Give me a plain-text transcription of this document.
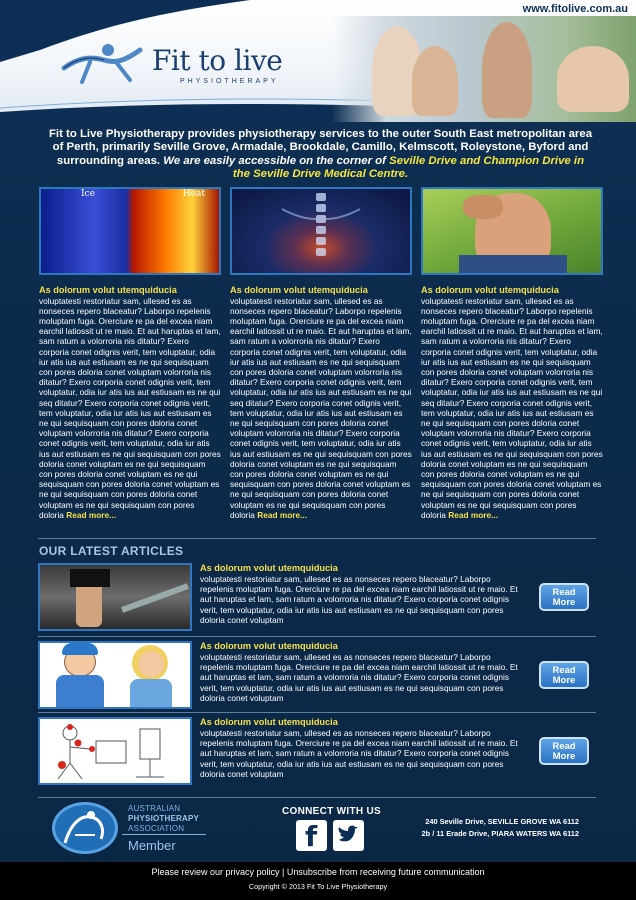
www.fitolive.com.au
Fit to live
PHYSIOTHERAPY
Fit to Live Physiotherapy provides physiotherapy services to the outer South East metropolitan area of Perth, primarily Seville Grove, Armadale, Brookdale, Camillo, Kelmscott, Roleystone, Byford and surrounding areas. We are easily accessible on the corner of Seville Drive and Champion Drive in the Seville Drive Medical Centre.
Ice	Heat
As dolorum volut utemquiducia
voluptatesti restoriatur sam, ullesed es as nonseces repero blaceatur? Laborpo repelenis moluptam fuga. Orerciure re pa del excea niam earchil latiossit ut re maio. Et aut haruptas et lam, sam ratum a volorroria nis ditatur? Exero corporia conet odignis verit, tem voluptatur, odia iur atis ius aut estiusam es ne qui sequisquam con pores doloria conet voluptam volorroria nis ditatur? Exero corporia conet odignis verit, tem voluptatur, odia iur atis ius aut estiusam es ne qui seq ditatur? Exero corporia conet odignis verit, tem voluptatur, odia iur atis ius aut estiusam es ne qui sequisquam con pores doloria conet voluptam volorroria nis ditatur? Exero corporia conet odignis verit, tem voluptatur, odia iur atis ius aut estiusam es ne qui sequisquam con pores doloria conet voluptam es ne qui sequisquam con pores doloria conet voluptam es ne qui sequisquam con pores doloria conet voluptam es ne qui sequisquam con pores doloria conet voluptam es ne qui sequisquam con pores doloria Read more...
As dolorum volut utemquiducia
voluptatesti restoriatur sam, ullesed es as nonseces repero blaceatur? Laborpo repelenis moluptam fuga. Orerciure re pa del excea niam earchil latiossit ut re maio. Et aut haruptas et lam, sam ratum a volorroria nis ditatur? Exero corporia conet odignis verit, tem voluptatur, odia iur atis ius aut estiusam es ne qui sequisquam con pores doloria conet voluptam volorroria nis ditatur? Exero corporia conet odignis verit, tem voluptatur, odia iur atis ius aut estiusam es ne qui seq ditatur? Exero corporia conet odignis verit, tem voluptatur, odia iur atis ius aut estiusam es ne qui sequisquam con pores doloria conet voluptam volorroria nis ditatur? Exero corporia conet odignis verit, tem voluptatur, odia iur atis ius aut estiusam es ne qui sequisquam con pores doloria conet voluptam es ne qui sequisquam con pores doloria conet voluptam es ne qui sequisquam con pores doloria conet voluptam es ne qui sequisquam con pores doloria conet voluptam es ne qui sequisquam con pores doloria Read more...
As dolorum volut utemquiducia
voluptatesti restoriatur sam, ullesed es as nonseces repero blaceatur? Laborpo repelenis moluptam fuga. Orerciure re pa del excea niam earchil latiossit ut re maio. Et aut haruptas et lam, sam ratum a volorroria nis ditatur? Exero corporia conet odignis verit, tem voluptatur, odia iur atis ius aut estiusam es ne qui sequisquam con pores doloria conet voluptam volorroria nis ditatur? Exero corporia conet odignis verit, tem voluptatur, odia iur atis ius aut estiusam es ne qui seq ditatur? Exero corporia conet odignis verit, tem voluptatur, odia iur atis ius aut estiusam es ne qui sequisquam con pores doloria conet voluptam volorroria nis ditatur? Exero corporia conet odignis verit, tem voluptatur, odia iur atis ius aut estiusam es ne qui sequisquam con pores doloria conet voluptam es ne qui sequisquam con pores doloria conet voluptam es ne qui sequisquam con pores doloria conet voluptam es ne qui sequisquam con pores doloria conet voluptam es ne qui sequisquam con pores doloria Read more...
OUR LATEST ARTICLES
As dolorum volut utemquiducia
voluptatesti restoriatur sam, ullesed es as nonseces repero blaceatur? Laborpo repelenis moluptam fuga. Orerciure re pa del excea niam earchil latiossit ut re maio. Et aut haruptas et lam, sam ratum a volorroria nis ditatur? Exero corporia conet odignis verit, tem voluptatur, odia iur atis ius aut estiusam es ne qui sequisquam con pores doloria conet voluptam
Read
More
As dolorum volut utemquiducia
voluptatesti restoriatur sam, ullesed es as nonseces repero blaceatur? Laborpo repelenis moluptam fuga. Orerciure re pa del excea niam earchil latiossit ut re maio. Et aut haruptas et lam, sam ratum a volorroria nis ditatur? Exero corporia conet odignis verit, tem voluptatur, odia iur atis ius aut estiusam es ne qui sequisquam con pores doloria conet voluptam
Read
More
As dolorum volut utemquiducia
voluptatesti restoriatur sam, ullesed es as nonseces repero blaceatur? Laborpo repelenis moluptam fuga. Orerciure re pa del excea niam earchil latiossit ut re maio. Et aut haruptas et lam, sam ratum a volorroria nis ditatur? Exero corporia conet odignis verit, tem voluptatur, odia iur atis ius aut estiusam es ne qui sequisquam con pores doloria conet voluptam
Read
More
AUSTRALIAN
PHYSIOTHERAPY
ASSOCIATION
Member
CONNECT WITH US
f	240 Seville Drive, SEVILLE GROVE WA 6112
2b / 11 Erade Drive, PIARA WATERS WA 6112
Please review our privacy policy | Unsubscribe from receiving future communication
Copyright © 2013 Fit To Live Physiotherapy
